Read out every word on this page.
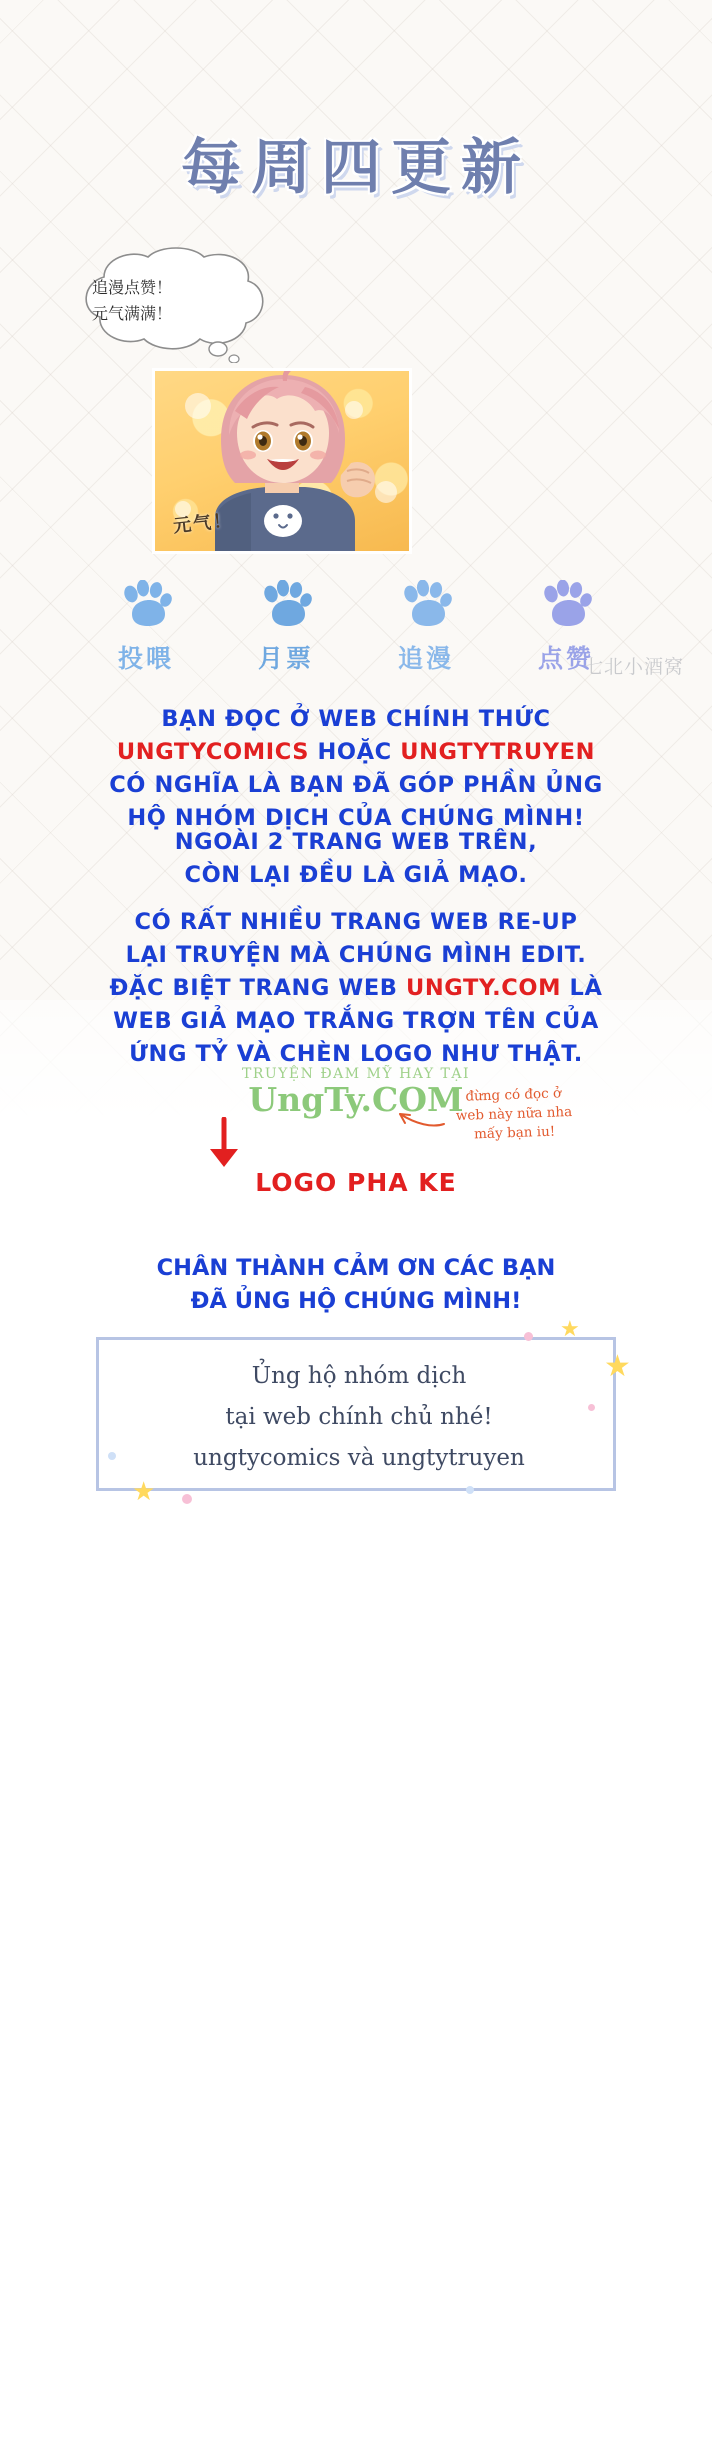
每周四更新
追漫点赞！
元气满满！
元气！
投喂	月票	追漫	点赞
七北小酒窝
BẠN ĐỌC Ở WEB CHÍNH THỨC
UNGTYCOMICS HOẶC UNGTYTRUYEN
CÓ NGHĨA LÀ BẠN ĐÃ GÓP PHẦN ỦNG
HỘ NHÓM DỊCH CỦA CHÚNG MÌNH!
NGOÀI 2 TRANG WEB TRÊN,
CÒN LẠI ĐỀU LÀ GIẢ MẠO.
CÓ RẤT NHIỀU TRANG WEB RE-UP
LẠI TRUYỆN MÀ CHÚNG MÌNH EDIT.
ĐẶC BIỆT TRANG WEB UNGTY.COM LÀ
WEB GIẢ MẠO TRẮNG TRỢN TÊN CỦA
ỨNG TỶ VÀ CHÈN LOGO NHƯ THẬT.
TRUYỆN ĐAM MỸ HAY TẠI
UngTy.COM đừng có đọc ở
web này nữa nha
mấy bạn iu!
LOGO PHA KE
CHÂN THÀNH CẢM ƠN CÁC BẠN
ĐÃ ỦNG HỘ CHÚNG MÌNH!
Ủng hộ nhóm dịch
tại web chính chủ nhé!
ungtycomics và ungtytruyen
★
★
★
